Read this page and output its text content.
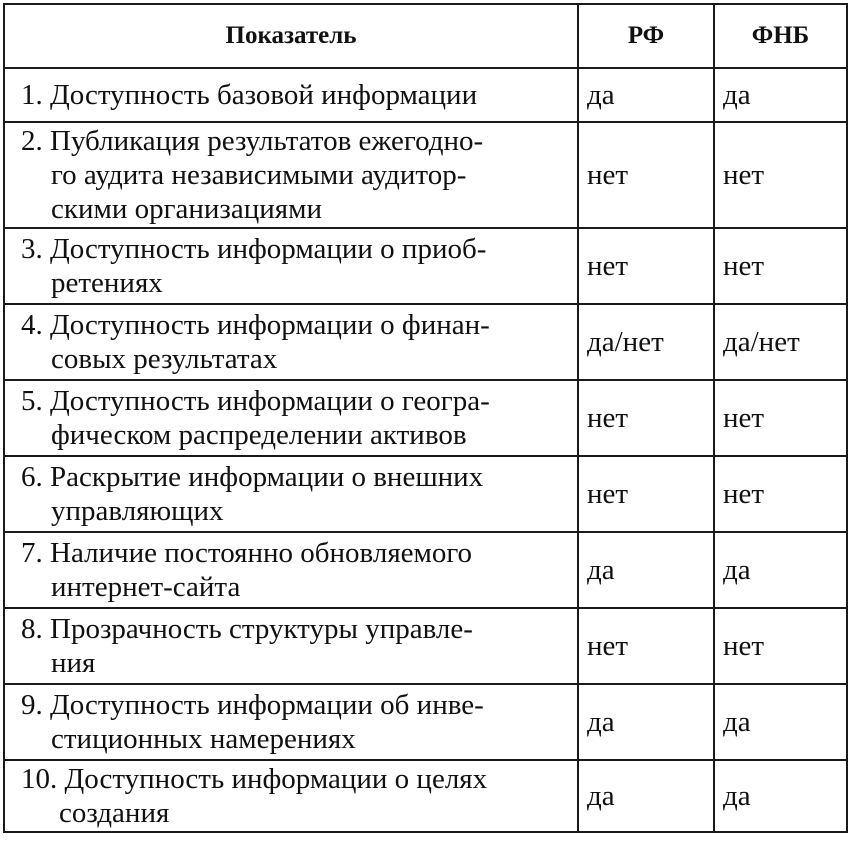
Показатель	РФ	ФНБ

1. Доступность базовой информации	да	да

2. Публикация результатов ежегодно-
го аудита независимыми аудитор-
скими организациями	нет	нет

3. Доступность информации о приоб-
ретениях	нет	нет

4. Доступность информации о финан-
совых результатах	да/нет	да/нет

5. Доступность информации о геогра-
фическом распределении активов	нет	нет

6. Раскрытие информации о внешних
управляющих	нет	нет

7. Наличие постоянно обновляемого
интернет-сайта	да	да

8. Прозрачность структуры управле-
ния	нет	нет

9. Доступность информации об инве-
стиционных намерениях	да	да

10. Доступность информации о целях
создания	да	да
